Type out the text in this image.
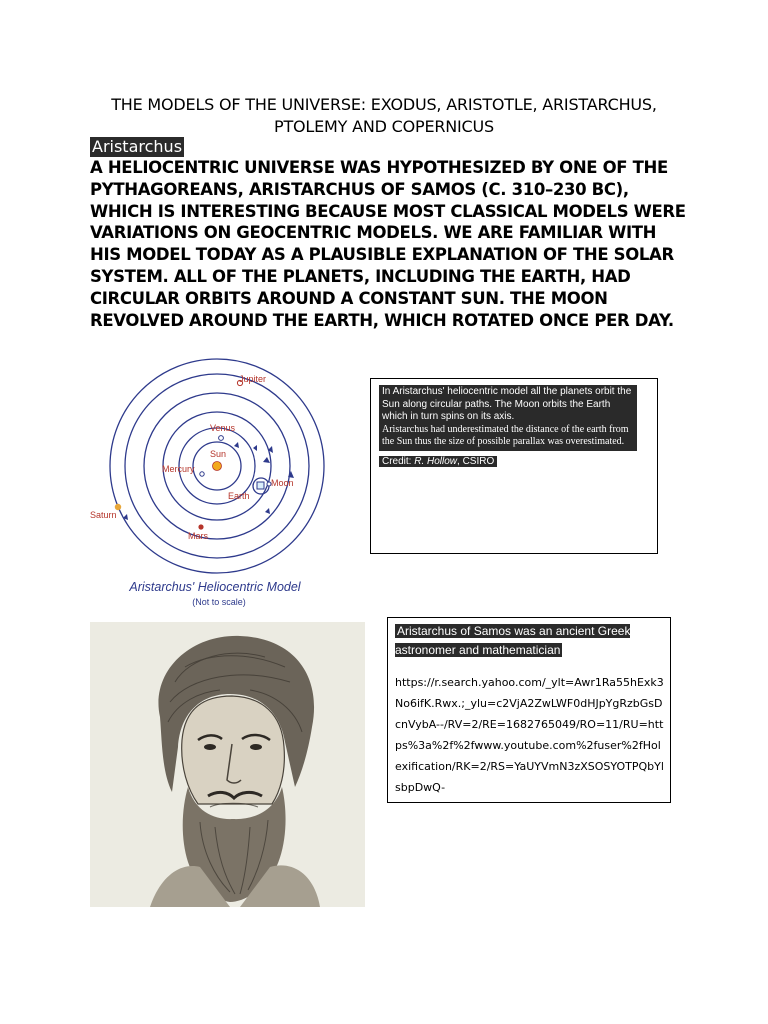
THE MODELS OF THE UNIVERSE: EXODUS, ARISTOTLE, ARISTARCHUS, PTOLEMY AND COPERNICUS
Aristarchus
A HELIOCENTRIC UNIVERSE WAS HYPOTHESIZED BY ONE OF THE PYTHAGOREANS, ARISTARCHUS OF SAMOS (C. 310–230 BC), WHICH IS INTERESTING BECAUSE MOST CLASSICAL MODELS WERE VARIATIONS ON GEOCENTRIC MODELS. WE ARE FAMILIAR WITH HIS MODEL TODAY AS A PLAUSIBLE EXPLANATION OF THE SOLAR SYSTEM. ALL OF THE PLANETS, INCLUDING THE EARTH, HAD CIRCULAR ORBITS AROUND A CONSTANT SUN. THE MOON REVOLVED AROUND THE EARTH, WHICH ROTATED ONCE PER DAY.
Jupiter
Venus
Sun
Mercury
Earth
Moon
Saturn
Mars
Aristarchus' Heliocentric Model
(Not to scale)
In Aristarchus' heliocentric model all the planets orbit the Sun along circular paths. The Moon orbits the Earth which in turn spins on its axis.
Aristarchus had underestimated the distance of the earth from the Sun thus the size of possible parallax was overestimated.
Credit: R. Hollow, CSIRO
Aristarchus of Samos was an ancient Greek astronomer and mathematician
https://r.search.yahoo.com/_ylt=Awr1Ra55hExk3No6ifK.Rwx.;_ylu=c2VjA2ZwLWF0dHJpYgRzbGsDcnVybA--/RV=2/RE=1682765049/RO=11/RU=https%3a%2f%2fwww.youtube.com%2fuser%2fHolexification/RK=2/RS=YaUYVmN3zXSOSYOTPQbYlsbpDwQ-
